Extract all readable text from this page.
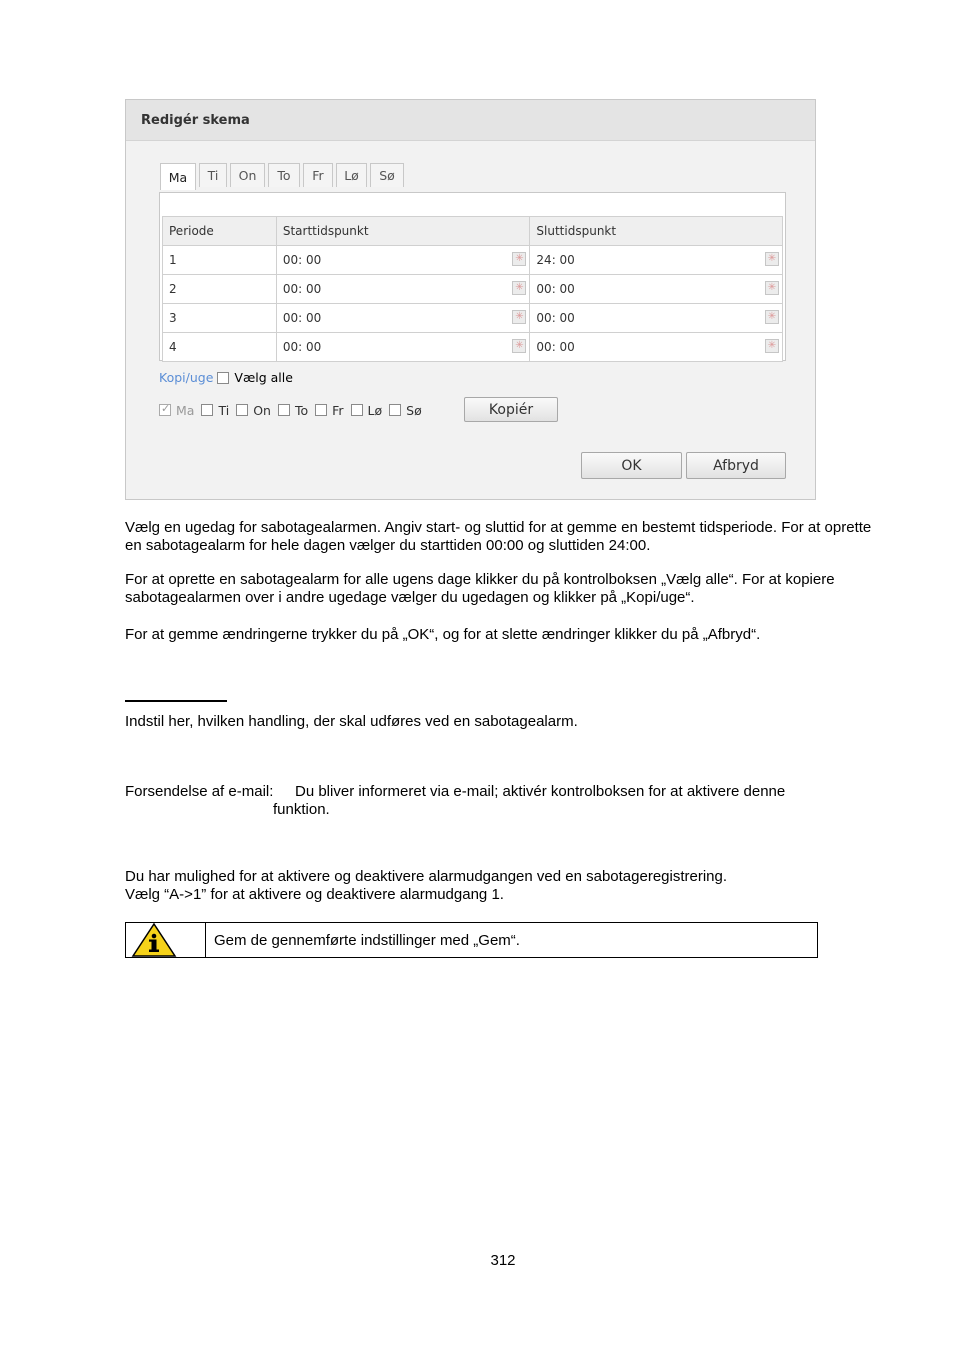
Redigér skema
Ma	Ti	On	To	Fr	Lø	Sø
Periode	Starttidspunkt	Sluttidspunkt
1	00: 00 ✳	24: 00 ✳

2	00: 00 ✳	00: 00 ✳

3	00: 00 ✳	00: 00 ✳

4	00: 00 ✳	00: 00 ✳
Kopi/uge Vælg alle
✓
Ma Ti On To Fr Lø Sø	Kopiér
OK	Afbryd
Vælg en ugedag for sabotagealarmen. Angiv start- og sluttid for at gemme en bestemt tidsperiode. For at oprette en sabotagealarm for hele dagen vælger du starttiden 00:00 og sluttiden 24:00.
For at oprette en sabotagealarm for alle ugens dage klikker du på kontrolboksen „Vælg alle“. For at kopiere sabotagealarmen over i andre ugedage vælger du ugedagen og klikker på „Kopi/uge“.
For at gemme ændringerne trykker du på „OK“, og for at slette ændringer klikker du på „Afbryd“.
Indstil her, hvilken handling, der skal udføres ved en sabotagealarm.
Forsendelse af e-mail:	Du bliver informeret via e-mail; aktivér kontrolboksen for at aktivere denne
funktion.
Du har mulighed for at aktivere og deaktivere alarmudgangen ved en sabotageregistrering.
Vælg “A->1” for at aktivere og deaktivere alarmudgang 1.
Gem de gennemførte indstillinger med „Gem“.
312
